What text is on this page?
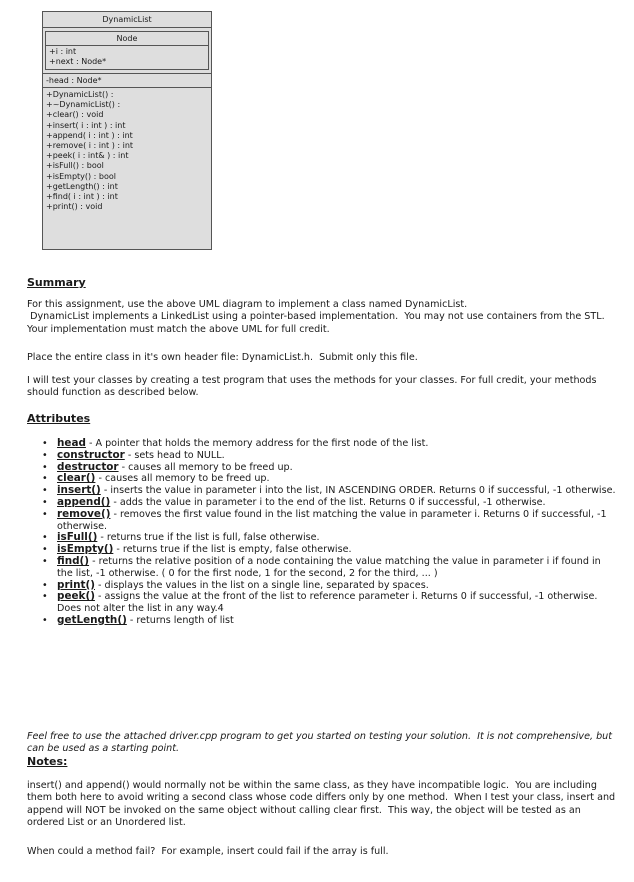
DynamicList
Node
+i : int
+next : Node*
-head : Node*
+DynamicList() :
+~DynamicList() :
+clear() : void
+insert( i : int ) : int
+append( i : int ) : int
+remove( i : int ) : int
+peek( i : int& ) : int
+isFull() : bool
+isEmpty() : bool
+getLength() : int
+find( i : int ) : int
+print() : void
Summary
For this assignment, use the above UML diagram to implement a class named DynamicList.
DynamicList implements a LinkedList using a pointer-based implementation.  You may not use containers from the STL.  Your implementation must match the above UML for full credit.
Place the entire class in it's own header file: DynamicList.h.  Submit only this file.
I will test your classes by creating a test program that uses the methods for your classes. For full credit, your methods should function as described below.
Attributes
• head - A pointer that holds the memory address for the first node of the list.
• constructor - sets head to NULL.
• destructor - causes all memory to be freed up.
• clear() - causes all memory to be freed up.
• insert() - inserts the value in parameter i into the list, IN ASCENDING ORDER. Returns 0 if successful, -1 otherwise.
• append() - adds the value in parameter i to the end of the list. Returns 0 if successful, -1 otherwise.
• remove() - removes the first value found in the list matching the value in parameter i. Returns 0 if successful, -1 otherwise.
• isFull() - returns true if the list is full, false otherwise.
• isEmpty() - returns true if the list is empty, false otherwise.
• find() - returns the relative position of a node containing the value matching the value in parameter i if found in the list, -1 otherwise. ( 0 for the first node, 1 for the second, 2 for the third, ... )
• print() - displays the values in the list on a single line, separated by spaces.
• peek() - assigns the value at the front of the list to reference parameter i. Returns 0 if successful, -1 otherwise. Does not alter the list in any way.4
• getLength() - returns length of list
Feel free to use the attached driver.cpp program to get you started on testing your solution.  It is not comprehensive, but can be used as a starting point.
Notes:
insert() and append() would normally not be within the same class, as they have incompatible logic.  You are including them both here to avoid writing a second class whose code differs only by one method.  When I test your class, insert and append will NOT be invoked on the same object without calling clear first.  This way, the object will be tested as an ordered List or an Unordered list.
When could a method fail?  For example, insert could fail if the array is full.
